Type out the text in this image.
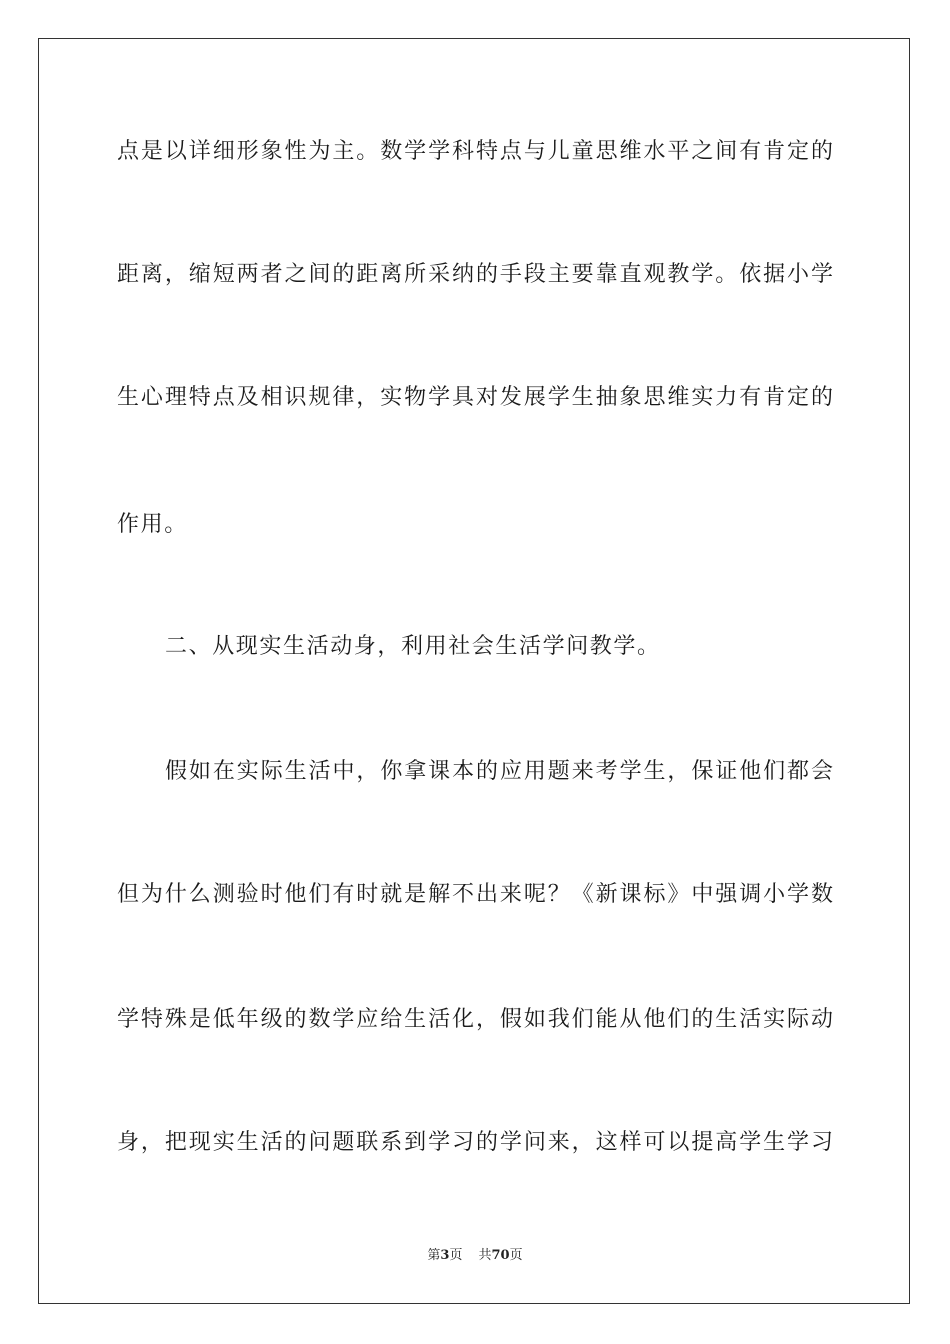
点是以详细形象性为主。数学学科特点与儿童思维水平之间有肯定的
距离，缩短两者之间的距离所采纳的手段主要靠直观教学。依据小学
生心理特点及相识规律，实物学具对发展学生抽象思维实力有肯定的
作用。
二、从现实生活动身，利用社会生活学问教学。
假如在实际生活中，你拿课本的应用题来考学生，保证他们都会
但为什么测验时他们有时就是解不出来呢？《新课标》中强调小学数
学特殊是低年级的数学应给生活化，假如我们能从他们的生活实际动
身，把现实生活的问题联系到学习的学问来，这样可以提高学生学习
第3页 共70页
